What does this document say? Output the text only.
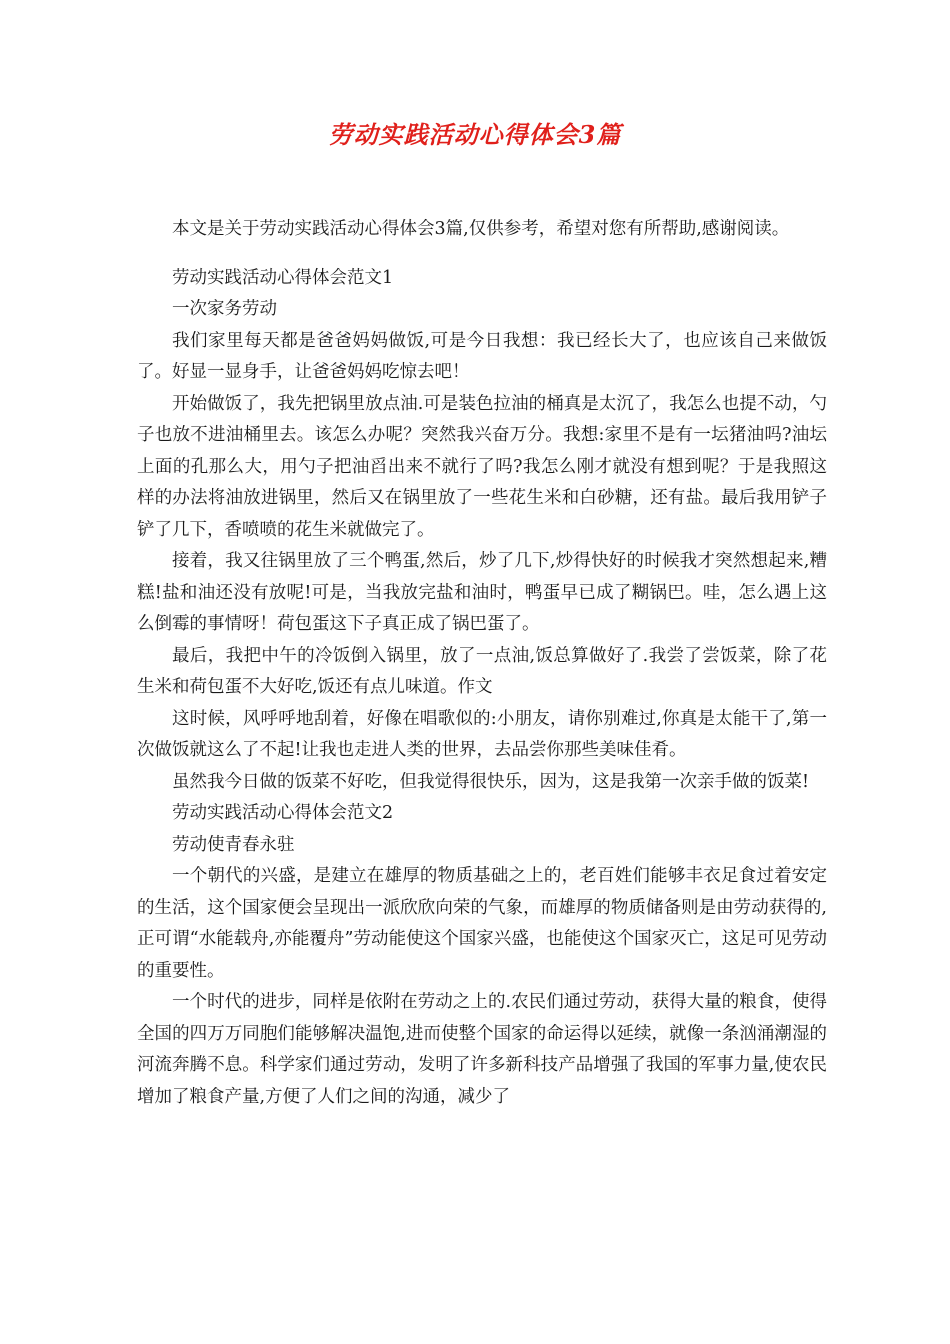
劳动实践活动心得体会3篇

本文是关于劳动实践活动心得体会3篇,仅供参考，希望对您有所帮助,感谢阅读。

劳动实践活动心得体会范文1

一次家务劳动

我们家里每天都是爸爸妈妈做饭,可是今日我想：我已经长大了，也应该自己来做饭了。好显一显身手，让爸爸妈妈吃惊去吧！

开始做饭了，我先把锅里放点油.可是装色拉油的桶真是太沉了，我怎么也提不动，勺子也放不进油桶里去。该怎么办呢？突然我兴奋万分。我想:家里不是有一坛猪油吗?油坛上面的孔那么大，用勺子把油舀出来不就行了吗?我怎么刚才就没有想到呢？于是我照这样的办法将油放进锅里，然后又在锅里放了一些花生米和白砂糖，还有盐。最后我用铲子铲了几下，香喷喷的花生米就做完了。

接着，我又往锅里放了三个鸭蛋,然后，炒了几下,炒得快好的时候我才突然想起来,糟糕!盐和油还没有放呢!可是，当我放完盐和油时，鸭蛋早已成了糊锅巴。哇，怎么遇上这么倒霉的事情呀！荷包蛋这下子真正成了锅巴蛋了。

最后，我把中午的冷饭倒入锅里，放了一点油,饭总算做好了.我尝了尝饭菜，除了花生米和荷包蛋不大好吃,饭还有点儿味道。作文

这时候，风呼呼地刮着，好像在唱歌似的:小朋友，请你别难过,你真是太能干了,第一次做饭就这么了不起!让我也走进人类的世界，去品尝你那些美味佳肴。

虽然我今日做的饭菜不好吃，但我觉得很快乐，因为，这是我第一次亲手做的饭菜!

劳动实践活动心得体会范文2

劳动使青春永驻

一个朝代的兴盛，是建立在雄厚的物质基础之上的，老百姓们能够丰衣足食过着安定的生活，这个国家便会呈现出一派欣欣向荣的气象，而雄厚的物质储备则是由劳动获得的,正可谓“水能载舟,亦能覆舟”劳动能使这个国家兴盛，也能使这个国家灭亡，这足可见劳动的重要性。

一个时代的进步，同样是依附在劳动之上的.农民们通过劳动，获得大量的粮食，使得全国的四万万同胞们能够解决温饱,进而使整个国家的命运得以延续，就像一条汹涌潮湿的河流奔腾不息。科学家们通过劳动，发明了许多新科技产品增强了我国的军事力量,使农民增加了粮食产量,方便了人们之间的沟通，减少了
